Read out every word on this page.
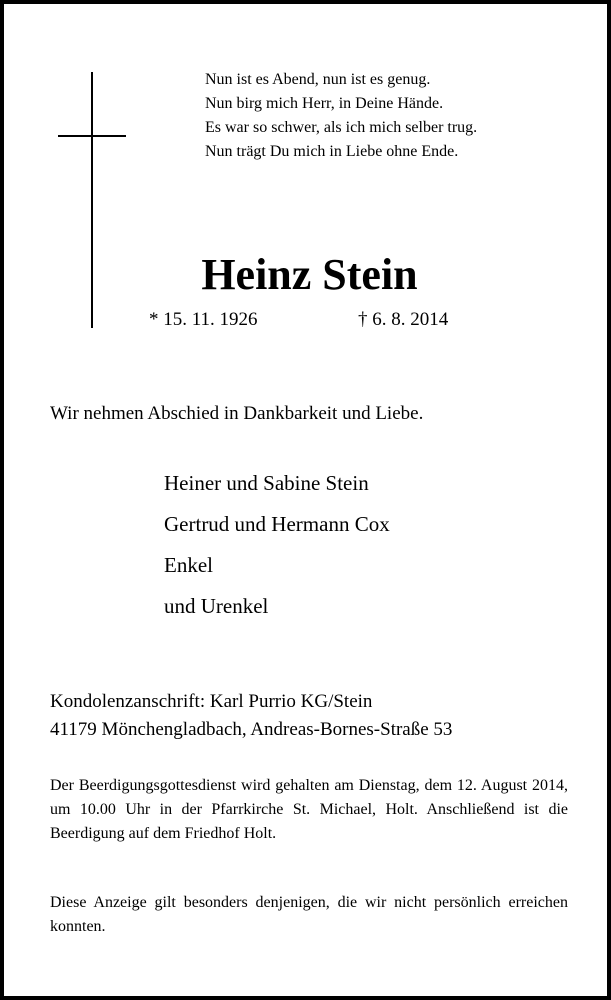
Nun ist es Abend, nun ist es genug.
Nun birg mich Herr, in Deine Hände.
Es war so schwer, als ich mich selber trug.
Nun trägt Du mich in Liebe ohne Ende.
Heinz Stein
* 15. 11. 1926	† 6. 8. 2014
Wir nehmen Abschied in Dankbarkeit und Liebe.
Heiner und Sabine Stein
Gertrud und Hermann Cox
Enkel
und Urenkel
Kondolenzanschrift: Karl Purrio KG/Stein
41179 Mönchengladbach, Andreas-Bornes-Straße 53
Der Beerdigungsgottesdienst wird gehalten am Dienstag, dem 12. August 2014, um 10.00 Uhr in der Pfarrkirche St. Michael, Holt. Anschließend ist die Beerdigung auf dem Friedhof Holt.
Diese Anzeige gilt besonders denjenigen, die wir nicht persönlich erreichen konnten.
